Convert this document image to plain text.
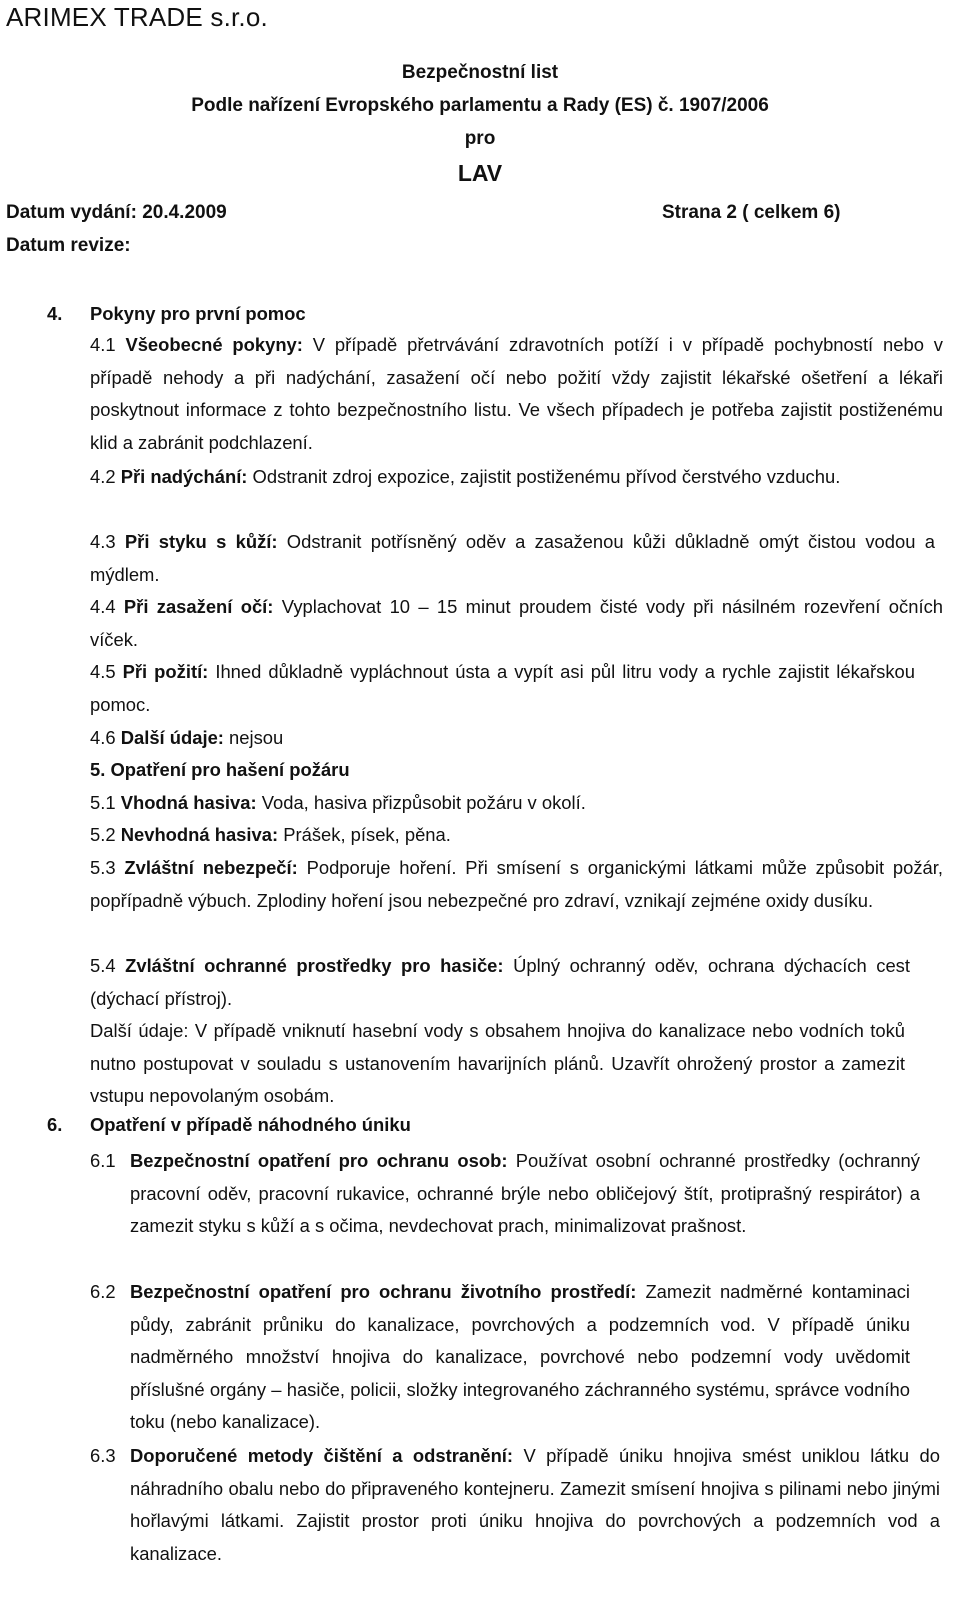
ARIMEX TRADE s.r.o.
Bezpečnostní list
Podle nařízení Evropského parlamentu a Rady (ES) č. 1907/2006
pro
LAV
Datum vydání: 20.4.2009	Strana 2 ( celkem 6)
Datum revize:
4. Pokyny pro první pomoc
4.1 Všeobecné pokyny: V případě přetrvávání zdravotních potíží i v případě pochybností nebo v případě nehody a při nadýchání, zasažení očí nebo požití vždy zajistit lékařské ošetření a lékaři poskytnout informace z tohto bezpečnostního listu. Ve všech případech je potřeba zajistit postiženému klid a zabránit podchlazení.
4.2 Při nadýchání: Odstranit zdroj expozice, zajistit postiženému přívod čerstvého vzduchu.
4.3 Při styku s kůží: Odstranit potřísněný oděv a zasaženou kůži důkladně omýt čistou vodou a mýdlem.
4.4 Při zasažení očí: Vyplachovat 10 – 15 minut proudem čisté vody při násilném rozevření očních víček.
4.5 Při požití: Ihned důkladně vypláchnout ústa a vypít asi půl litru vody a rychle zajistit lékařskou pomoc.
4.6 Další údaje: nejsou
5. Opatření pro hašení požáru
5.1 Vhodná hasiva: Voda, hasiva přizpůsobit požáru v okolí.
5.2 Nevhodná hasiva: Prášek, písek, pěna.
5.3 Zvláštní nebezpečí: Podporuje hoření. Při smísení s organickými látkami může způsobit požár, popřípadně výbuch. Zplodiny hoření jsou nebezpečné pro zdraví, vznikají zejméne oxidy dusíku.
5.4 Zvláštní ochranné prostředky pro hasiče: Úplný ochranný oděv, ochrana dýchacích cest (dýchací přístroj).
Další údaje: V případě vniknutí hasební vody s obsahem hnojiva do kanalizace nebo vodních toků nutno postupovat v souladu s ustanovením havarijních plánů. Uzavřít ohrožený prostor a zamezit vstupu nepovolaným osobám.
6. Opatření v případě náhodného úniku
6.1 Bezpečnostní opatření pro ochranu osob: Používat osobní ochranné prostředky (ochranný pracovní oděv, pracovní rukavice, ochranné brýle nebo obličejový štít, protiprašný respirátor) a zamezit styku s kůží a s očima, nevdechovat prach, minimalizovat prašnost.
6.2 Bezpečnostní opatření pro ochranu životního prostředí: Zamezit nadměrné kontaminaci půdy, zabránit průniku do kanalizace, povrchových a podzemních vod. V případě úniku nadměrného množství hnojiva do kanalizace, povrchové nebo podzemní vody uvědomit příslušné orgány – hasiče, policii, složky integrovaného záchranného systému, správce vodního toku (nebo kanalizace).
6.3 Doporučené metody čištění a odstranění: V případě úniku hnojiva smést uniklou látku do náhradního obalu nebo do připraveného kontejneru. Zamezit smísení hnojiva s pilinami nebo jinými hořlavými látkami. Zajistit prostor proti úniku hnojiva do povrchových a podzemních vod a kanalizace.
